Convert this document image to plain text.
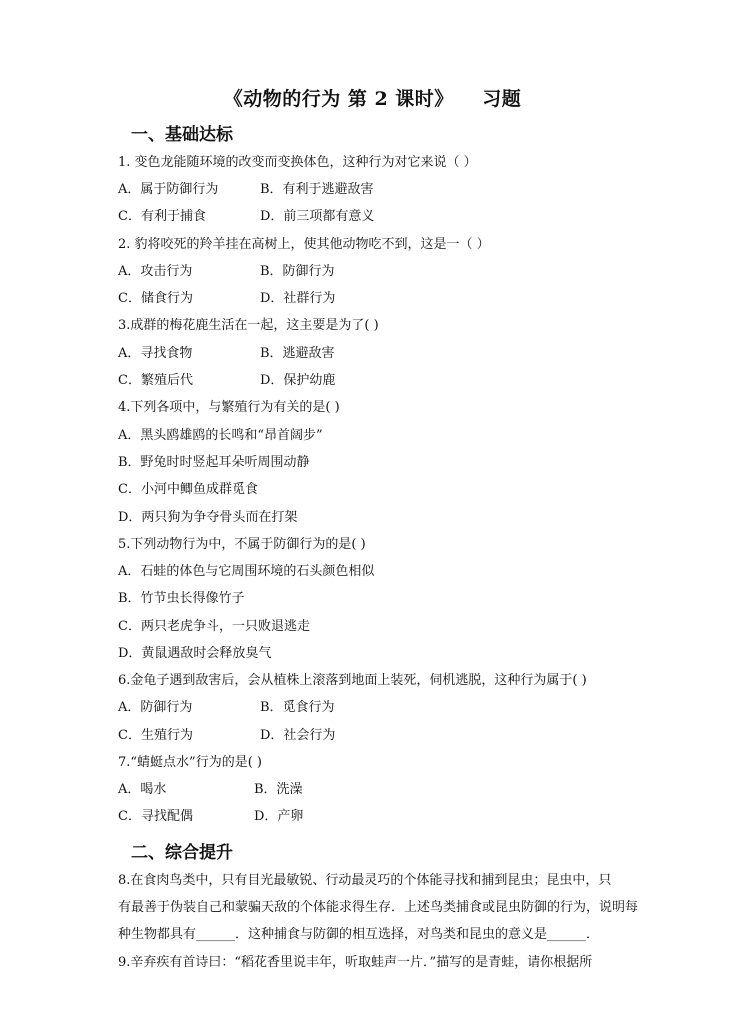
《动物的行为 第 2 课时》    习题
一、基础达标
1. 变色龙能随环境的改变而变换体色，这种行为对它来说（ ）
A．属于防御行为	B．有利于逃避敌害
C．有利于捕食	D．前三项都有意义
2. 豹将咬死的羚羊挂在高树上，使其他动物吃不到，这是一（ ）
A．攻击行为	B．防御行为
C．储食行为	D．社群行为
3.成群的梅花鹿生活在一起，这主要是为了( )
A．寻找食物	B．逃避敌害
C．繁殖后代	D．保护幼鹿
4.下列各项中，与繁殖行为有关的是( )
A．黑头鸥雄鸥的长鸣和“昂首阔步”
B．野兔时时竖起耳朵听周围动静
C．小河中鲫鱼成群觅食
D．两只狗为争夺骨头而在打架
5.下列动物行为中，不属于防御行为的是( )
A．石蛙的体色与它周围环境的石头颜色相似
B．竹节虫长得像竹子
C．两只老虎争斗，一只败退逃走
D．黄鼠遇敌时会释放臭气
6.金龟子遇到敌害后，会从植株上滚落到地面上装死，伺机逃脱，这种行为属于( )
A．防御行为	B．觅食行为
C．生殖行为	D．社会行为
7.“蜻蜓点水”行为的是( )
A．喝水	B．洗澡
C．寻找配偶	D．产卵
二、综合提升
8.在食肉鸟类中，只有目光最敏锐、行动最灵巧的个体能寻找和捕到昆虫；昆虫中，只
有最善于伪装自己和蒙骗天敌的个体能求得生存．上述鸟类捕食或昆虫防御的行为，说明每
种生物都具有______．这种捕食与防御的相互选择，对鸟类和昆虫的意义是______．
9.辛弃疾有首诗曰：“稻花香里说丰年，听取蛙声一片．”描写的是青蛙，请你根据所
